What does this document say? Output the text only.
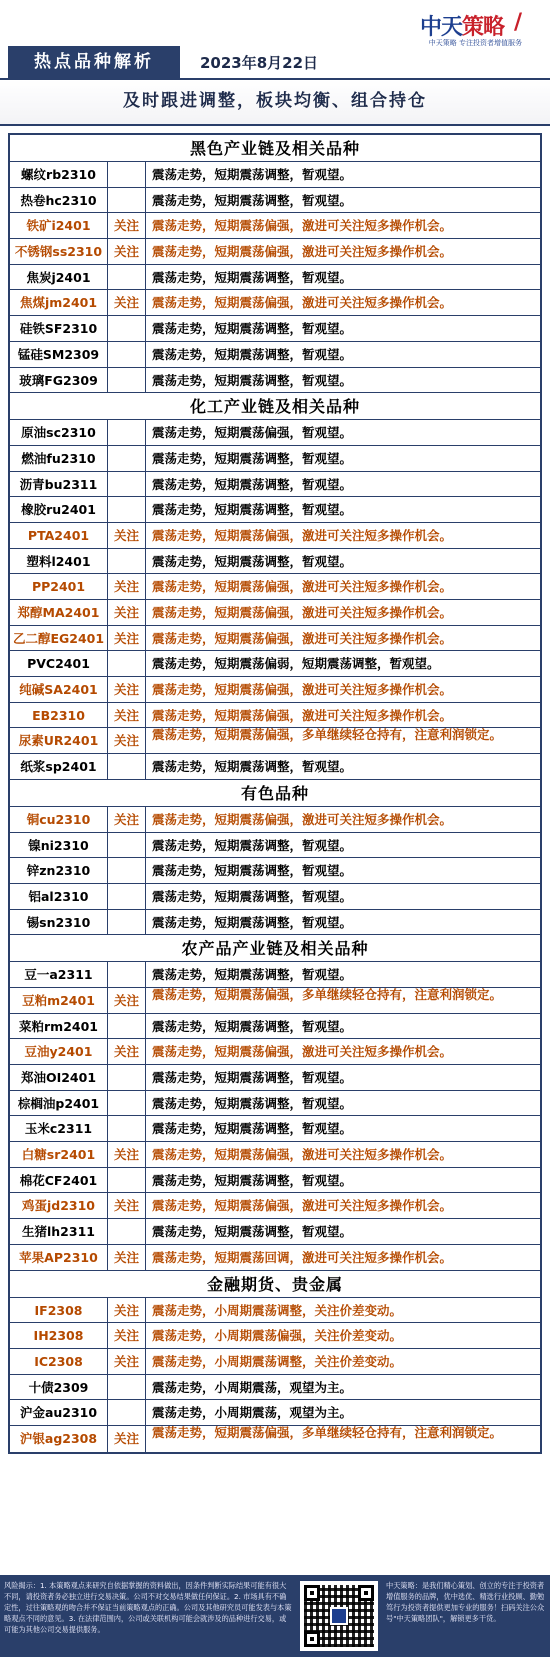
中天策略 /
中天策略 专注投资者增值服务
热点品种解析	2023年8月22日
及时跟进调整，板块均衡、组合持仓
黑色产业链及相关品种
螺纹rb2310	震荡走势，短期震荡调整，暂观望。
热卷hc2310	震荡走势，短期震荡调整，暂观望。
铁矿i2401	关注	震荡走势，短期震荡偏强，激进可关注短多操作机会。
不锈钢ss2310 关注	震荡走势，短期震荡偏强，激进可关注短多操作机会。
焦炭j2401	震荡走势，短期震荡调整，暂观望。
焦煤jm2401	关注	震荡走势，短期震荡偏强，激进可关注短多操作机会。
硅铁SF2310	震荡走势，短期震荡调整，暂观望。
锰硅SM2309	震荡走势，短期震荡调整，暂观望。
玻璃FG2309	震荡走势，短期震荡调整，暂观望。
化工产业链及相关品种
原油sc2310	震荡走势，短期震荡偏强，暂观望。
燃油fu2310	震荡走势，短期震荡调整，暂观望。
沥青bu2311	震荡走势，短期震荡调整，暂观望。
橡胶ru2401	震荡走势，短期震荡调整，暂观望。
PTA2401	关注	震荡走势，短期震荡偏强，激进可关注短多操作机会。
塑料l2401	震荡走势，短期震荡调整，暂观望。
PP2401	关注	震荡走势，短期震荡偏强，激进可关注短多操作机会。
郑醇MA2401	关注	震荡走势，短期震荡偏强，激进可关注短多操作机会。
乙二醇EG2401 关注	震荡走势，短期震荡偏强，激进可关注短多操作机会。
PVC2401	震荡走势，短期震荡偏弱，短期震荡调整，暂观望。
纯碱SA2401	关注	震荡走势，短期震荡偏强，激进可关注短多操作机会。
EB2310	关注	震荡走势，短期震荡偏强，激进可关注短多操作机会。
尿素UR2401	关注	震荡走势，短期震荡偏强，多单继续轻仓持有，注意利润锁定。
纸浆sp2401	震荡走势，短期震荡调整，暂观望。
有色品种
铜cu2310	关注	震荡走势，短期震荡偏强，激进可关注短多操作机会。
镍ni2310	震荡走势，短期震荡调整，暂观望。
锌zn2310	震荡走势，短期震荡调整，暂观望。
铝al2310	震荡走势，短期震荡调整，暂观望。
锡sn2310	震荡走势，短期震荡调整，暂观望。
农产品产业链及相关品种
豆一a2311	震荡走势，短期震荡调整，暂观望。
豆粕m2401	关注	震荡走势，短期震荡偏强，多单继续轻仓持有，注意利润锁定。
菜粕rm2401	震荡走势，短期震荡调整，暂观望。
豆油y2401	关注	震荡走势，短期震荡偏强，激进可关注短多操作机会。
郑油OI2401	震荡走势，短期震荡调整，暂观望。
棕榈油p2401	震荡走势，短期震荡调整，暂观望。
玉米c2311	震荡走势，短期震荡调整，暂观望。
白糖sr2401	关注	震荡走势，短期震荡偏强，激进可关注短多操作机会。
棉花CF2401	震荡走势，短期震荡调整，暂观望。
鸡蛋jd2310	关注	震荡走势，短期震荡偏强，激进可关注短多操作机会。
生猪lh2311	震荡走势，短期震荡调整，暂观望。
苹果AP2310	关注	震荡走势，短期震荡回调，激进可关注短多操作机会。
金融期货、贵金属
IF2308	关注	震荡走势，小周期震荡调整，关注价差变动。
IH2308	关注	震荡走势，小周期震荡偏强，关注价差变动。
IC2308	关注	震荡走势，小周期震荡调整，关注价差变动。
十债2309	震荡走势，小周期震荡，观望为主。
沪金au2310	震荡走势，小周期震荡，观望为主。
沪银ag2308	关注	震荡走势，短期震荡偏强，多单继续轻仓持有，注意利润锁定。
风险揭示：1. 本策略观点来研究自依据掌握的资料做出，因条件判断实际结果可能有很大不同，请投资者务必独立进行交易决策。公司不对交易结果做任何保证。2. 市场具有不确定性，过往策略观的吻合并不保证当前策略观点的正确。公司及其他研究员可能发表与本策略观点不同的意见。3. 在法律范围内，公司或关联机构可能会就涉及的品种进行交易，或可能为其他公司交易提供服务。
中天策略：是我们精心策划、创立的专注于投资者增值服务的品牌，优中选优、精选行业投顾、勤勉笃行为投资者提供更加专业的服务！扫码关注公众号"中天策略团队"，解锁更多干货。
